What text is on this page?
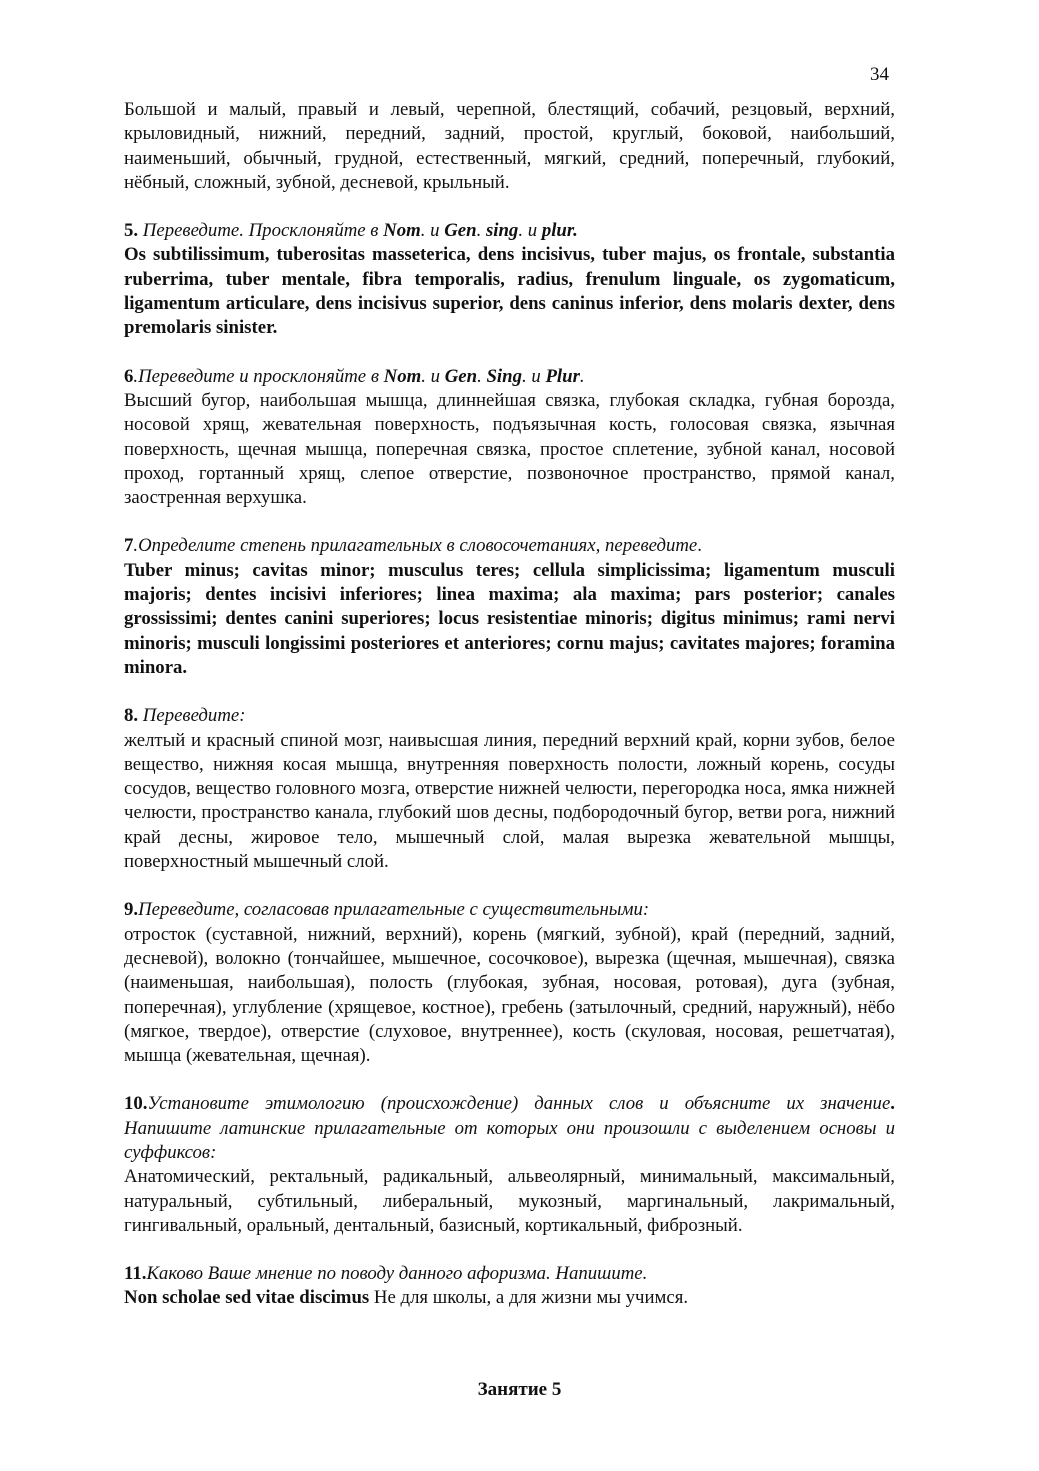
34

Большой и малый, правый и левый, черепной, блестящий, собачий, резцовый, верхний, крыловидный, нижний, передний, задний, простой, круглый, боковой, наибольший, наименьший, обычный, грудной, естественный, мягкий, средний, поперечный, глубокий, нёбный, сложный, зубной, десневой, крыльный.

5. Переведите. Просклоняйте в Nom. и Gen. sing. и plur.

Os subtilissimum, tuberositas masseterica, dens incisivus, tuber majus, os frontale, substantia ruberrima, tuber mentale, fibra temporalis, radius, frenulum linguale, os zygomaticum, ligamentum articulare, dens incisivus superior, dens caninus inferior, dens molaris dexter, dens premolaris sinister.

6.Переведите и просклоняйте в Nom. и Gen. Sing. и Plur.

Высший бугор, наибольшая мышца, длиннейшая связка, глубокая складка, губная борозда, носовой хрящ, жевательная поверхность, подъязычная кость, голосовая связка, язычная поверхность, щечная мышца, поперечная связка, простое сплетение, зубной канал, носовой проход, гортанный хрящ, слепое отверстие, позвоночное пространство, прямой канал, заостренная верхушка.

7.Определите степень прилагательных в словосочетаниях, переведите.

Tuber minus; cavitas minor; musculus teres; cellula simplicissima; ligamentum musculi majoris; dentes incisivi inferiores; linea maxima; ala maxima; pars posterior; canales grossissimi; dentes canini superiores; locus resistentiae minoris; digitus minimus; rami nervi minoris; musculi longissimi posteriores et anteriores; cornu majus; cavitates majores; foramina minora.

8. Переведите:

желтый и красный спиной мозг, наивысшая линия, передний верхний край, корни зубов, белое вещество, нижняя косая мышца, внутренняя поверхность полости, ложный корень, сосуды сосудов, вещество головного мозга, отверстие нижней челюсти, перегородка носа, ямка нижней челюсти, пространство канала, глубокий шов десны, подбородочный бугор, ветви рога, нижний край десны, жировое тело, мышечный слой, малая вырезка жевательной мышцы, поверхностный мышечный слой.

9.Переведите, согласовав прилагательные с существительными:

отросток (суставной, нижний, верхний), корень (мягкий, зубной), край (передний, задний, десневой), волокно (тончайшее, мышечное, сосочковое), вырезка (щечная, мышечная), связка (наименьшая, наибольшая), полость (глубокая, зубная, носовая, ротовая), дуга (зубная, поперечная), углубление (хрящевое, костное), гребень (затылочный, средний, наружный), нёбо (мягкое, твердое), отверстие (слуховое, внутреннее), кость (скуловая, носовая, решетчатая), мышца (жевательная, щечная).

10.Установите этимологию (происхождение) данных слов и объясните их значение. Напишите латинские прилагательные от которых они произошли с выделением основы и суффиксов:

Анатомический, ректальный, радикальный, альвеолярный, минимальный, максимальный, натуральный, субтильный, либеральный, мукозный, маргинальный, лакримальный, гингивальный, оральный, дентальный, базисный, кортикальный, фиброзный.

11.Каково Ваше мнение по поводу данного афоризма. Напишите.

Non scholae sed vitae discimus Не для школы, а для жизни мы учимся.

Занятие 5
